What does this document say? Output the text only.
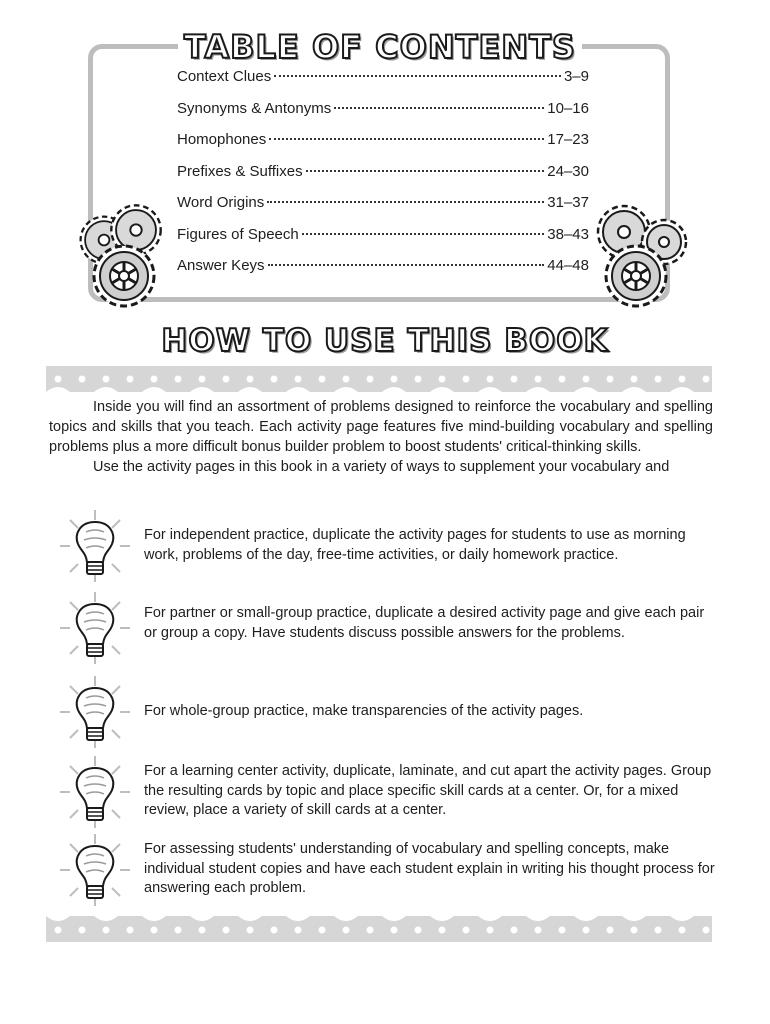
TABLE OF CONTENTS
Context Clues	3–9
Synonyms & Antonyms	10–16
Homophones	17–23
Prefixes & Suffixes	24–30
Word Origins	31–37
Figures of Speech	38–43
Answer Keys	44–48
HOW TO USE THIS BOOK

Inside you will find an assortment of problems designed to reinforce the vocabulary and spelling topics and skills that you teach. Each activity page features five mind-building vocabulary and spelling problems plus a more difficult bonus builder problem to boost students' critical-thinking skills.

Use the activity pages in this book in a variety of ways to supplement your vocabulary and

For independent practice, duplicate the activity pages for students to use as morning work, problems of the day, free-time activities, or daily homework practice.
For partner or small-group practice, duplicate a desired activity page and give each pair or group a copy. Have students discuss possible answers for the problems.
For whole-group practice, make transparencies of the activity pages.
For a learning center activity, duplicate, laminate, and cut apart the activity pages. Group the resulting cards by topic and place specific skill cards at a center. Or, for a mixed review, place a variety of skill cards at a center.
For assessing students' understanding of vocabulary and spelling concepts, make individual student copies and have each student explain in writing his thought process for answering each problem.
